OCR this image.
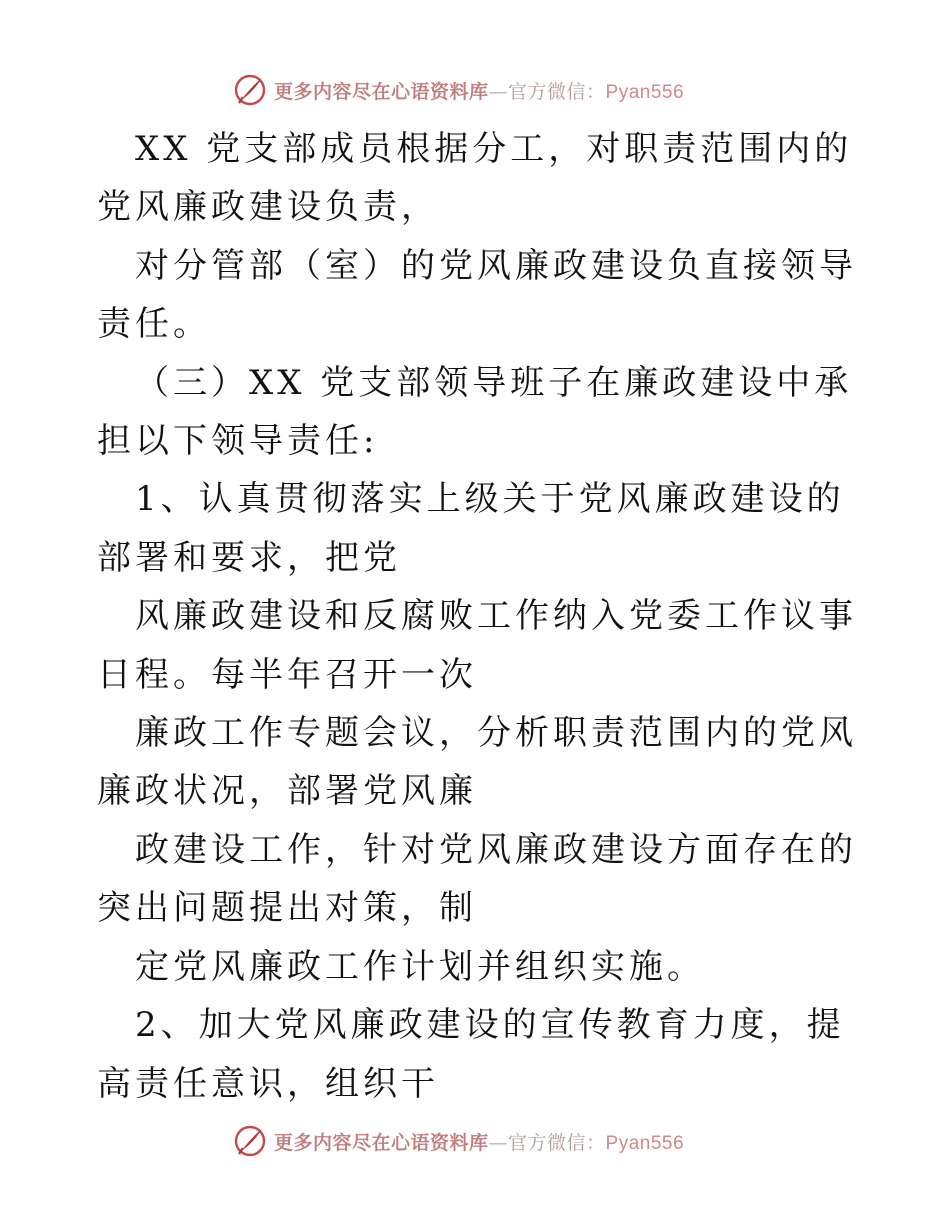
更多内容尽在心语资料库—官方微信：Pyan556

XX 党支部成员根据分工，对职责范围内的党风廉政建设负责，

对分管部（室）的党风廉政建设负直接领导责任。

（三）XX 党支部领导班子在廉政建设中承担以下领导责任:

1、认真贯彻落实上级关于党风廉政建设的部署和要求，把党

风廉政建设和反腐败工作纳入党委工作议事日程。每半年召开一次

廉政工作专题会议，分析职责范围内的党风廉政状况，部署党风廉

政建设工作，针对党风廉政建设方面存在的突出问题提出对策，制

定党风廉政工作计划并组织实施。

2、加大党风廉政建设的宣传教育力度，提高责任意识，组织干

更多内容尽在心语资料库—官方微信：Pyan556
